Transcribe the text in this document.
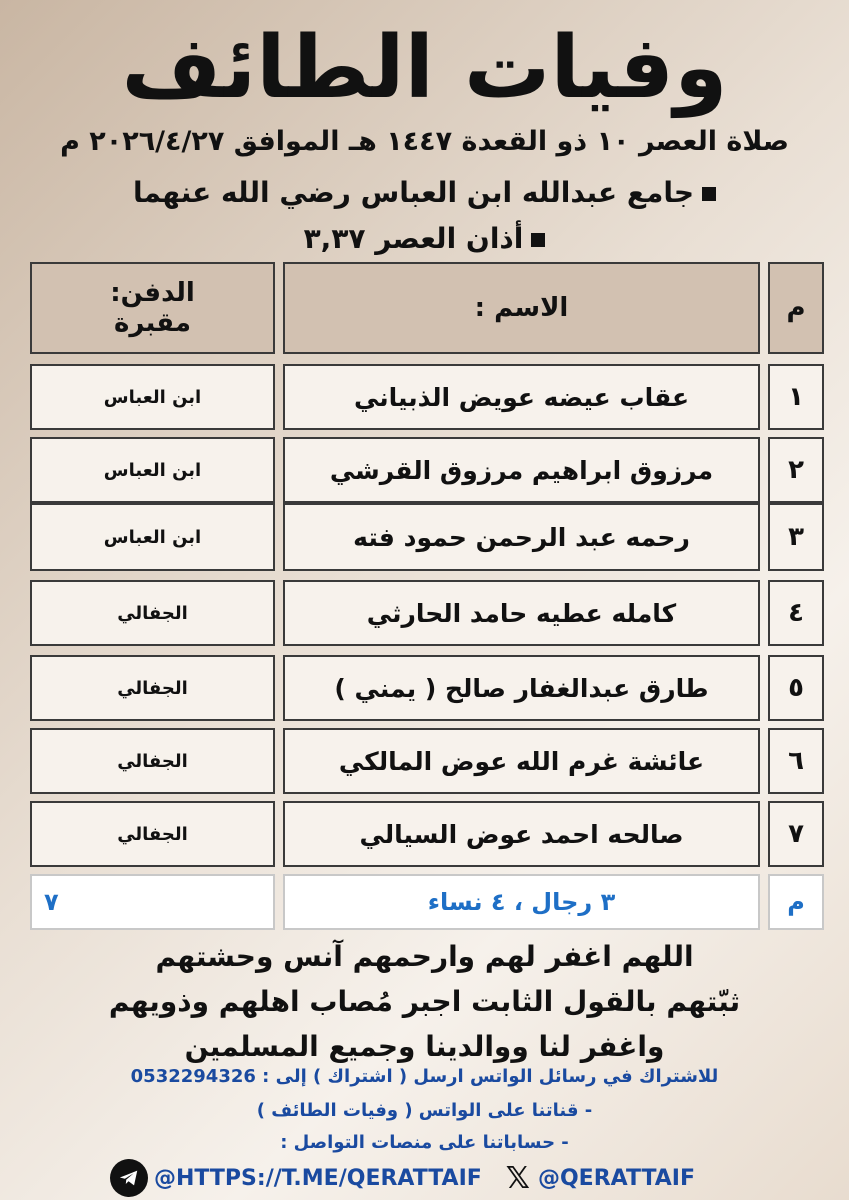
وفيات الطائف
صلاة العصر ١٠ ذو القعدة ١٤٤٧ هـ الموافق ٢٠٢٦/٤/٢٧ م
جامع عبدالله ابن العباس رضي الله عنهما
أذان العصر ٣,٣٧
م
الاسم :
الدفن:
مقبرة
١
عقاب عيضه عويض الذبياني
ابن العباس
٢
مرزوق ابراهيم مرزوق القرشي
ابن العباس
٣
رحمه عبد الرحمن حمود فته
ابن العباس
٤
كامله عطيه حامد الحارثي
الجفالي
٥
طارق عبدالغفار صالح ( يمني )
الجفالي
٦
عائشة غرم الله عوض المالكي
الجفالي
٧
صالحه احمد عوض السيالي
الجفالي
م
٣ رجال ، ٤ نساء
٧
اللهم اغفر لهم وارحمهم آنس وحشتهم
ثبّتهم بالقول الثابت اجبر مُصاب اهلهم وذويهم
واغفر لنا ووالدينا وجميع المسلمين
للاشتراك في رسائل الواتس ارسل ( اشتراك ) إلى : 0532294326
- قناتنا على الواتس ( وفيات الطائف )
- حساباتنا على منصات التواصل :
@HTTPS://T.ME/QERATTAIF 𝕏 @QERATTAIF
